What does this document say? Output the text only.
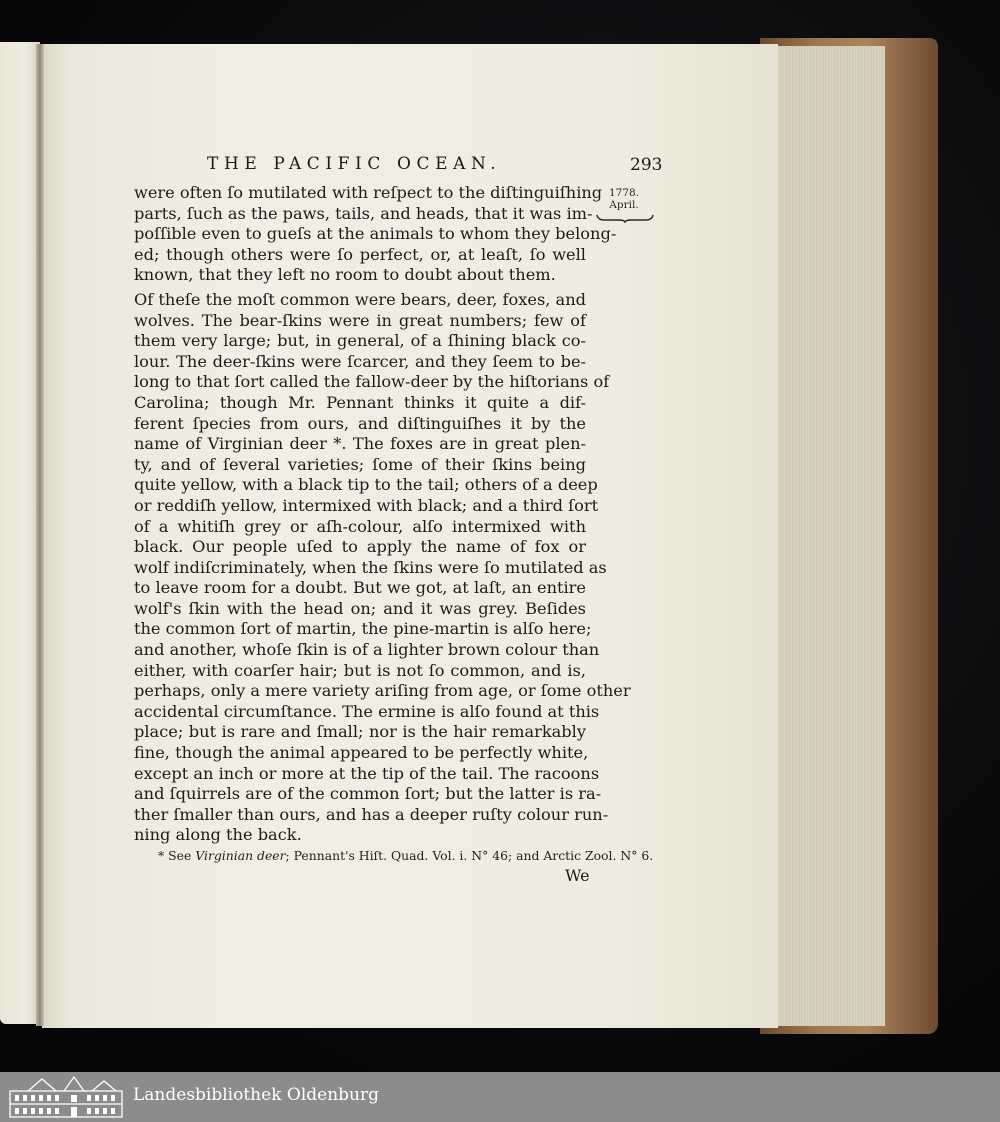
THE PACIFIC OCEAN.	293
1778.
April.
were often ſo mutilated with reſpect to the diſtinguiſhing
parts, ſuch as the paws, tails, and heads, that it was im-
poſſible even to gueſs at the animals to whom they belong-
ed; though others were ſo perfect, or, at leaſt, ſo well
known, that they left no room to doubt about them.
Of theſe the moſt common were bears, deer, foxes, and
wolves. The bear-ſkins were in great numbers; few of
them very large; but, in general, of a ſhining black co-
lour. The deer-ſkins were ſcarcer, and they ſeem to be-
long to that ſort called the fallow-deer by the hiſtorians of
Carolina; though Mr. Pennant thinks it quite a dif-
ferent ſpecies from ours, and diſtinguiſhes it by the
name of Virginian deer *. The foxes are in great plen-
ty, and of ſeveral varieties; ſome of their ſkins being
quite yellow, with a black tip to the tail; others of a deep
or reddiſh yellow, intermixed with black; and a third ſort
of a whitiſh grey or aſh-colour, alſo intermixed with
black. Our people uſed to apply the name of fox or
wolf indiſcriminately, when the ſkins were ſo mutilated as
to leave room for a doubt. But we got, at laſt, an entire
wolf's ſkin with the head on; and it was grey. Beſides
the common ſort of martin, the pine-martin is alſo here;
and another, whoſe ſkin is of a lighter brown colour than
either, with coarſer hair; but is not ſo common, and is,
perhaps, only a mere variety ariſing from age, or ſome other
accidental circumſtance. The ermine is alſo found at this
place; but is rare and ſmall; nor is the hair remarkably
fine, though the animal appeared to be perfectly white,
except an inch or more at the tip of the tail. The racoons
and ſquirrels are of the common ſort; but the latter is ra-
ther ſmaller than ours, and has a deeper ruſty colour run-
ning along the back.
* See Virginian deer; Pennant's Hiſt. Quad. Vol. i. N° 46; and Arctic Zool. N° 6.
We
Landesbibliothek Oldenburg
